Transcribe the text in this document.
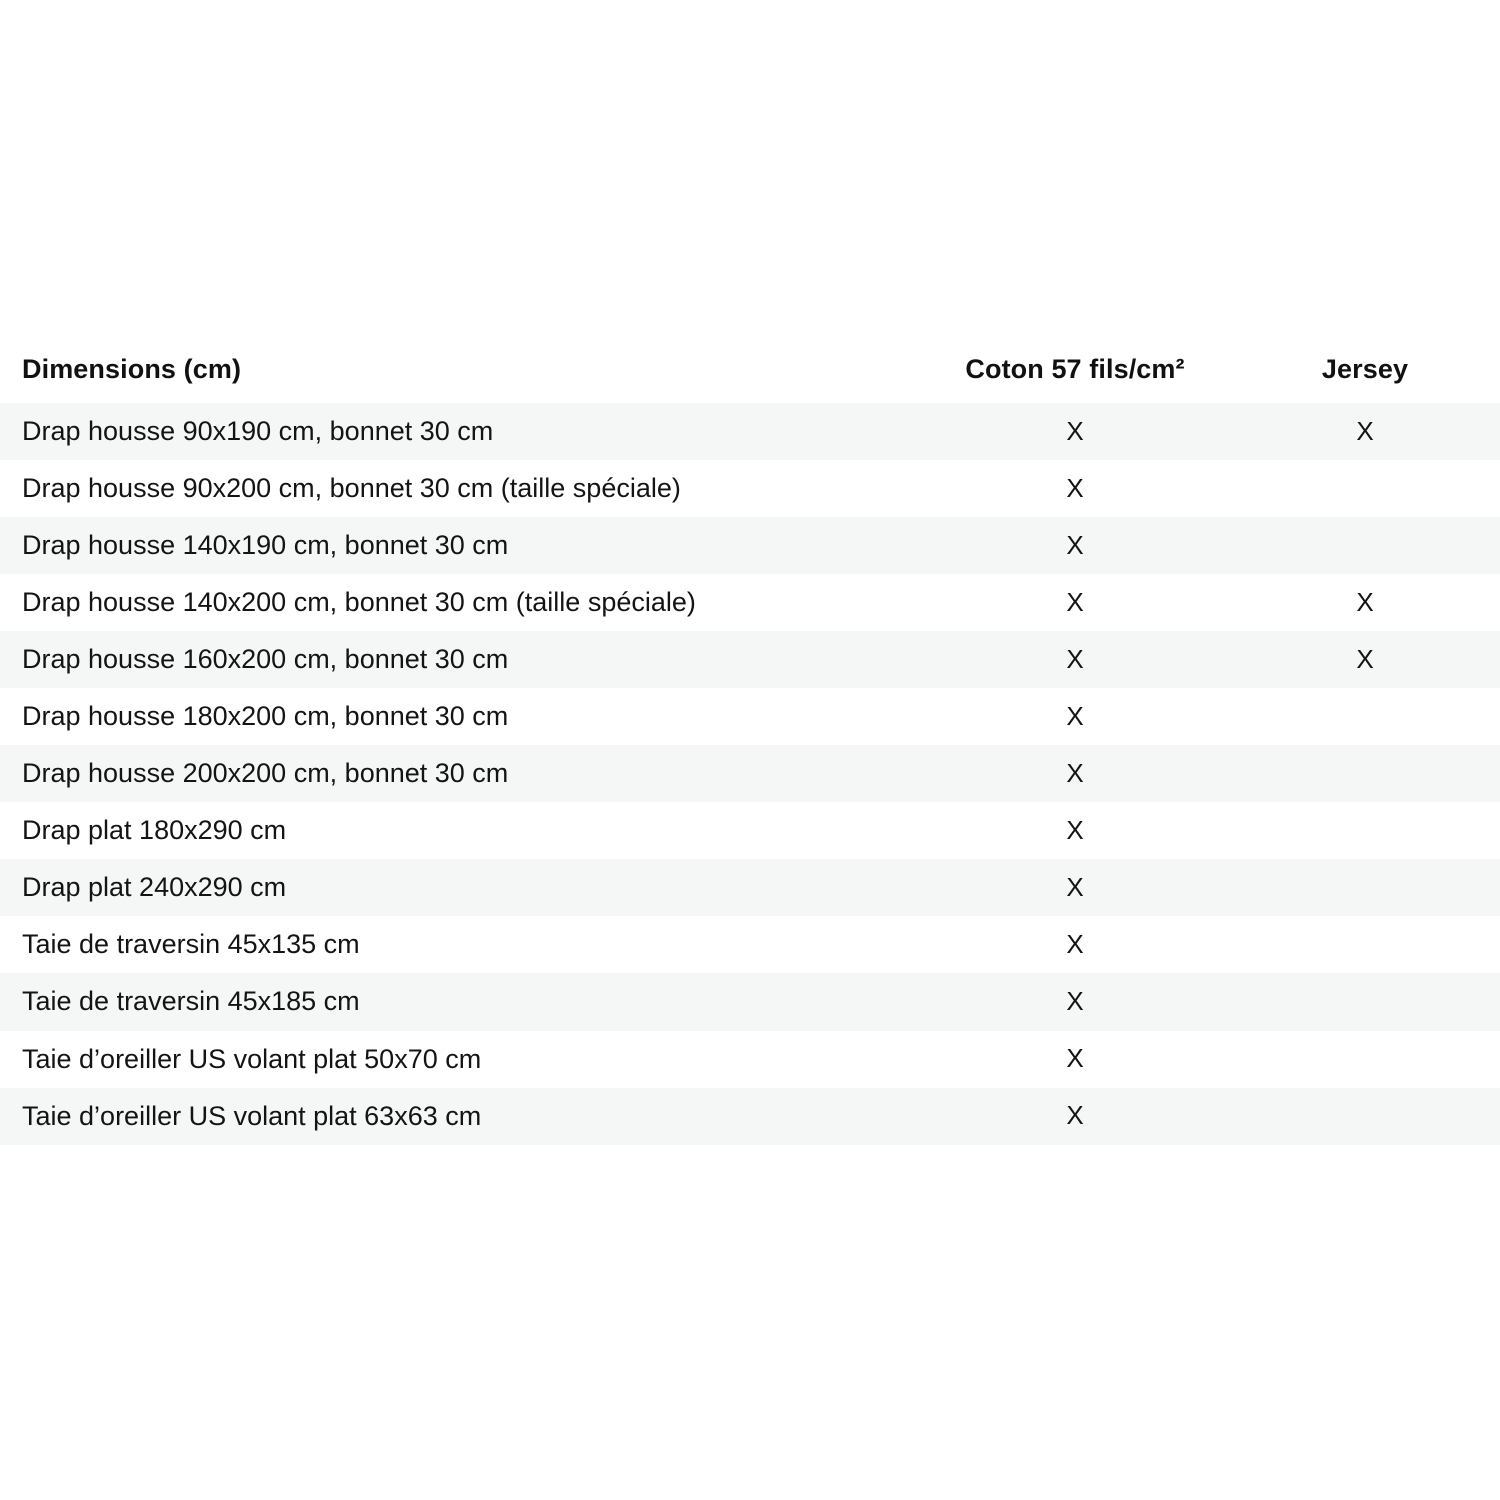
Dimensions (cm)	Coton 57 fils/cm²	Jersey
Drap housse 90x190 cm, bonnet 30 cm	X	X
Drap housse 90x200 cm, bonnet 30 cm (taille spéciale)	X	
Drap housse 140x190 cm, bonnet 30 cm	X	
Drap housse 140x200 cm, bonnet 30 cm (taille spéciale)	X	X
Drap housse 160x200 cm, bonnet 30 cm	X	X
Drap housse 180x200 cm, bonnet 30 cm	X	
Drap housse 200x200 cm, bonnet 30 cm	X	
Drap plat 180x290 cm	X	
Drap plat 240x290 cm	X	
Taie de traversin 45x135 cm	X	
Taie de traversin 45x185 cm	X	
Taie d’oreiller US volant plat 50x70 cm	X	
Taie d’oreiller US volant plat 63x63 cm	X	
